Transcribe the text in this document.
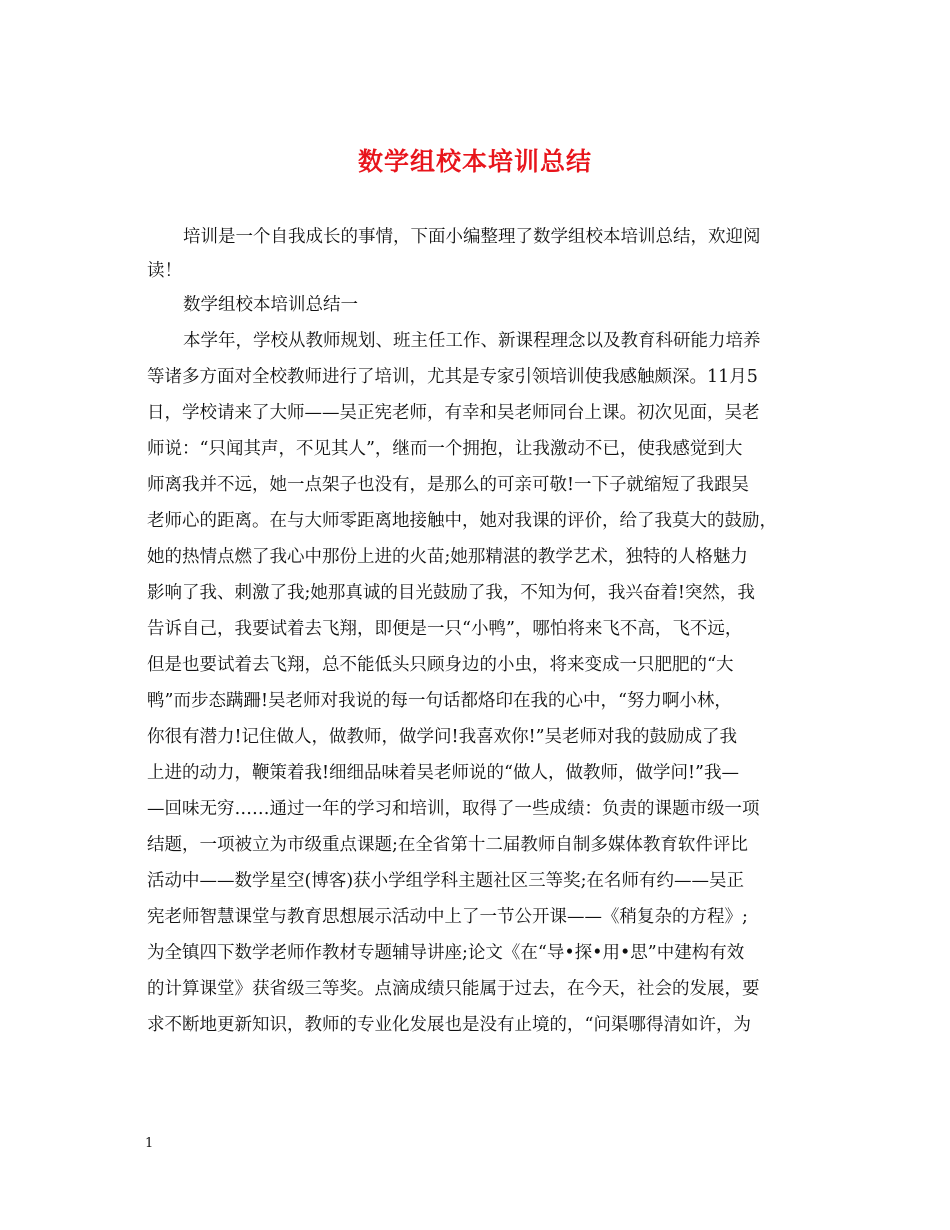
数学组校本培训总结
培训是一个自我成长的事情，下面小编整理了数学组校本培训总结，欢迎阅
读！
数学组校本培训总结一
本学年，学校从教师规划、班主任工作、新课程理念以及教育科研能力培养
等诸多方面对全校教师进行了培训，尤其是专家引领培训使我感触颇深。11月5
日，学校请来了大师——吴正宪老师，有幸和吴老师同台上课。初次见面，吴老
师说：“只闻其声，不见其人”，继而一个拥抱，让我激动不已，使我感觉到大
师离我并不远，她一点架子也没有，是那么的可亲可敬!一下子就缩短了我跟吴
老师心的距离。在与大师零距离地接触中，她对我课的评价，给了我莫大的鼓励，
她的热情点燃了我心中那份上进的火苗;她那精湛的教学艺术，独特的人格魅力
影响了我、刺激了我;她那真诚的目光鼓励了我，不知为何，我兴奋着!突然，我
告诉自己，我要试着去飞翔，即便是一只“小鸭”，哪怕将来飞不高，飞不远，
但是也要试着去飞翔，总不能低头只顾身边的小虫，将来变成一只肥肥的“大
鸭”而步态蹒跚!吴老师对我说的每一句话都烙印在我的心中，“努力啊小林，
你很有潜力!记住做人，做教师，做学问!我喜欢你!”吴老师对我的鼓励成了我
上进的动力，鞭策着我!细细品味着吴老师说的“做人，做教师，做学问!”我—
—回味无穷……通过一年的学习和培训，取得了一些成绩：负责的课题市级一项
结题，一项被立为市级重点课题;在全省第十二届教师自制多媒体教育软件评比
活动中——数学星空(博客)获小学组学科主题社区三等奖;在名师有约——吴正
宪老师智慧课堂与教育思想展示活动中上了一节公开课——《稍复杂的方程》;
为全镇四下数学老师作教材专题辅导讲座;论文《在“导•探•用•思”中建构有效
的计算课堂》获省级三等奖。点滴成绩只能属于过去，在今天，社会的发展，要
求不断地更新知识，教师的专业化发展也是没有止境的，“问渠哪得清如许，为
1
